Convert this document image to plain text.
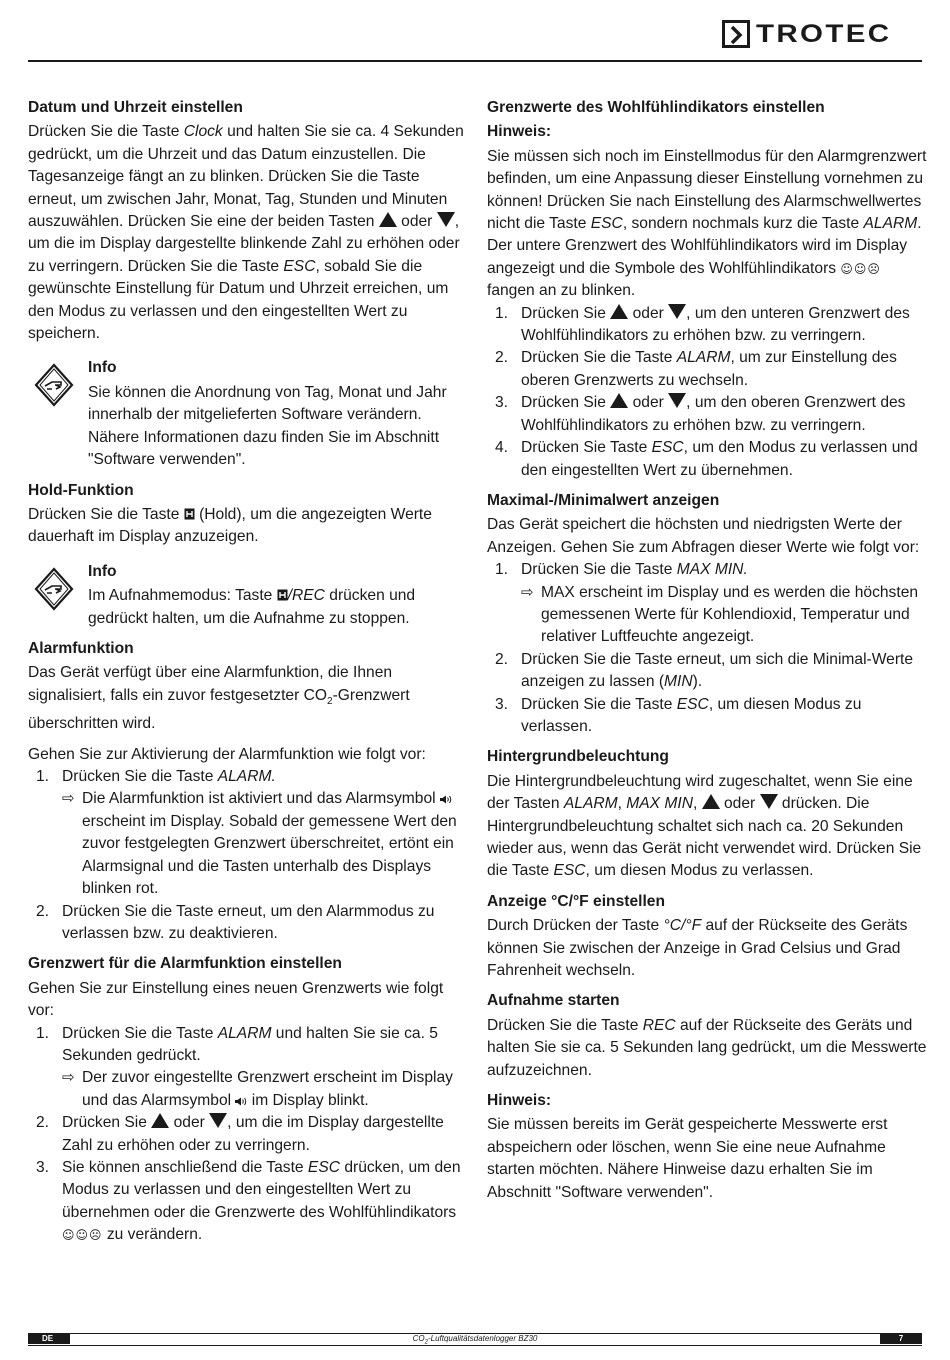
TROTEC
Datum und Uhrzeit einstellen
Drücken Sie die Taste Clock und halten Sie sie ca. 4 Sekunden gedrückt, um die Uhrzeit und das Datum einzustellen. Die Tagesanzeige fängt an zu blinken. Drücken Sie die Taste erneut, um zwischen Jahr, Monat, Tag, Stunden und Minuten auszuwählen. Drücken Sie eine der beiden Tasten  oder , um die im Display dargestellte blinkende Zahl zu erhöhen oder zu verringern. Drücken Sie die Taste ESC, sobald Sie die gewünschte Einstellung für Datum und Uhrzeit erreichen, um den Modus zu verlassen und den eingestellten Wert zu speichern.
Info
Sie können die Anordnung von Tag, Monat und Jahr innerhalb der mitgelieferten Software verändern. Nähere Informationen dazu finden Sie im Abschnitt "Software verwenden".
Hold-Funktion
Drücken Sie die Taste  (Hold), um die angezeigten Werte dauerhaft im Display anzuzeigen.
Info
Im Aufnahmemodus: Taste /REC drücken und gedrückt halten, um die Aufnahme zu stoppen.
Alarmfunktion
Das Gerät verfügt über eine Alarmfunktion, die Ihnen signalisiert, falls ein zuvor festgesetzter $CO_2$-Grenzwert überschritten wird.
Gehen Sie zur Aktivierung der Alarmfunktion wie folgt vor:
1. Drücken Sie die Taste ALARM.
⇨ Die Alarmfunktion ist aktiviert und das Alarmsymbol  erscheint im Display. Sobald der gemessene Wert den zuvor festgelegten Grenzwert überschreitet, ertönt ein Alarmsignal und die Tasten unterhalb des Displays blinken rot.
2. Drücken Sie die Taste erneut, um den Alarmmodus zu verlassen bzw. zu deaktivieren.
Grenzwert für die Alarmfunktion einstellen
Gehen Sie zur Einstellung eines neuen Grenzwerts wie folgt vor:
1. Drücken Sie die Taste ALARM und halten Sie sie ca. 5 Sekunden gedrückt.
⇨ Der zuvor eingestellte Grenzwert erscheint im Display und das Alarmsymbol  im Display blinkt.
2. Drücken Sie  oder , um die im Display dargestellte Zahl zu erhöhen oder zu verringern.
3. Sie können anschließend die Taste ESC drücken, um den Modus zu verlassen und den eingestellten Wert zu übernehmen oder die Grenzwerte des Wohlfühlindikators ☺☺☹ zu verändern.
Grenzwerte des Wohlfühlindikators einstellen
Hinweis:
Sie müssen sich noch im Einstellmodus für den Alarmgrenzwert befinden, um eine Anpassung dieser Einstellung vornehmen zu können! Drücken Sie nach Einstellung des Alarmschwellwertes nicht die Taste ESC, sondern nochmals kurz die Taste ALARM. Der untere Grenzwert des Wohlfühlindikators wird im Display angezeigt und die Symbole des Wohlfühlindikators ☺☺☹ fangen an zu blinken.
1. Drücken Sie  oder , um den unteren Grenzwert des Wohlfühlindikators zu erhöhen bzw. zu verringern.
2. Drücken Sie die Taste ALARM, um zur Einstellung des oberen Grenzwerts zu wechseln.
3. Drücken Sie  oder , um den oberen Grenzwert des Wohlfühlindikators zu erhöhen bzw. zu verringern.
4. Drücken Sie Taste ESC, um den Modus zu verlassen und den eingestellten Wert zu übernehmen.
Maximal-/Minimalwert anzeigen
Das Gerät speichert die höchsten und niedrigsten Werte der Anzeigen. Gehen Sie zum Abfragen dieser Werte wie folgt vor:
1. Drücken Sie die Taste MAX MIN.
⇨ MAX erscheint im Display und es werden die höchsten gemessenen Werte für Kohlendioxid, Temperatur und relativer Luftfeuchte angezeigt.
2. Drücken Sie die Taste erneut, um sich die Minimal-Werte anzeigen zu lassen (MIN).
3. Drücken Sie die Taste ESC, um diesen Modus zu verlassen.
Hintergrundbeleuchtung
Die Hintergrundbeleuchtung wird zugeschaltet, wenn Sie eine der Tasten ALARM, MAX MIN,  oder  drücken. Die Hintergrundbeleuchtung schaltet sich nach ca. 20 Sekunden wieder aus, wenn das Gerät nicht verwendet wird. Drücken Sie die Taste ESC, um diesen Modus zu verlassen.
Anzeige °C/°F einstellen
Durch Drücken der Taste °C/°F auf der Rückseite des Geräts können Sie zwischen der Anzeige in Grad Celsius und Grad Fahrenheit wechseln.
Aufnahme starten
Drücken Sie die Taste REC auf der Rückseite des Geräts und halten Sie sie ca. 5 Sekunden lang gedrückt, um die Messwerte aufzuzeichnen.
Hinweis:
Sie müssen bereits im Gerät gespeicherte Messwerte erst abspeichern oder löschen, wenn Sie eine neue Aufnahme starten möchten. Nähere Hinweise dazu erhalten Sie im Abschnitt "Software verwenden".
$CO_2$-Luftqualitätsdatenlogger BZ30
DE	7
